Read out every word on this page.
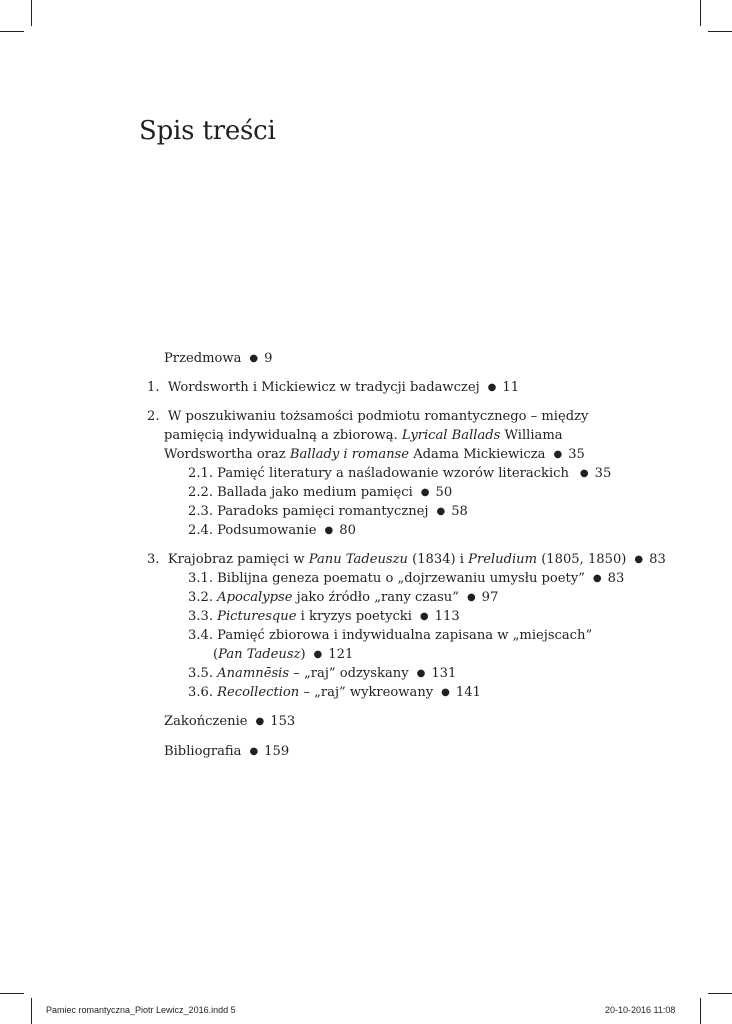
Spis treści
Przedmowa ● 9
1. Wordsworth i Mickiewicz w tradycji badawczej ● 11
2. W poszukiwaniu tożsamości podmiotu romantycznego – między
pamięcią indywidualną a zbiorową. Lyrical Ballads Williama
Wordswortha oraz Ballady i romanse Adama Mickiewicza ● 35
2.1. Pamięć literatury a naśladowanie wzorów literackich ● 35
2.2. Ballada jako medium pamięci ● 50
2.3. Paradoks pamięci romantycznej ● 58
2.4. Podsumowanie ● 80
3. Krajobraz pamięci w Panu Tadeuszu (1834) i Preludium (1805, 1850) ● 83
3.1. Biblijna geneza poematu o „dojrzewaniu umysłu poety” ● 83
3.2. Apocalypse jako źródło „rany czasu” ● 97
3.3. Picturesque i kryzys poetycki ● 113
3.4. Pamięć zbiorowa i indywidualna zapisana w „miejscach”
(Pan Tadeusz) ● 121
3.5. Anamnēsis – „raj” odzyskany ● 131
3.6. Recollection – „raj” wykreowany ● 141
Zakończenie ● 153
Bibliografia ● 159
Pamiec romantyczna_Piotr Lewicz_2016.indd 5	20-10-2016 11:08
